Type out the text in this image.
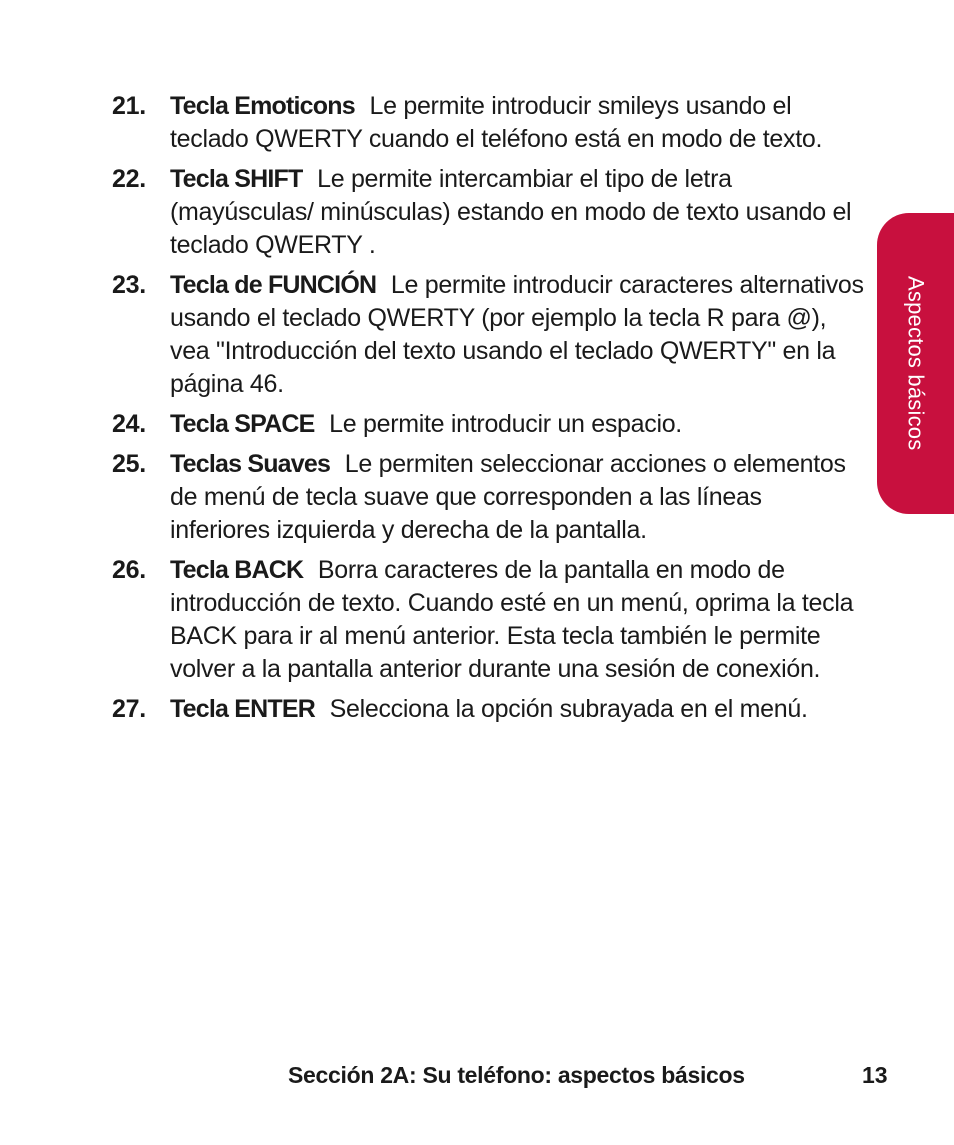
21. Tecla Emoticons Le permite introducir smileys usando el teclado QWERTY cuando el teléfono está en modo de texto.
22. Tecla SHIFT Le permite intercambiar el tipo de letra (mayúsculas/ minúsculas) estando en modo de texto usando el teclado QWERTY .
23. Tecla de FUNCIÓN Le permite introducir caracteres alternativos usando el teclado QWERTY (por ejemplo la tecla R para @), vea "Introducción del texto usando el teclado QWERTY" en la página 46.
24. Tecla SPACE Le permite introducir un espacio.
25. Teclas Suaves Le permiten seleccionar acciones o elementos de menú de tecla suave que corresponden a las líneas inferiores izquierda y derecha de la pantalla.
26. Tecla BACK Borra caracteres de la pantalla en modo de introducción de texto. Cuando esté en un menú, oprima la tecla BACK para ir al menú anterior. Esta tecla también le permite volver a la pantalla anterior durante una sesión de conexión.
27. Tecla ENTER Selecciona la opción subrayada en el menú.
Aspectos básicos
Sección 2A: Su teléfono: aspectos básicos	13
